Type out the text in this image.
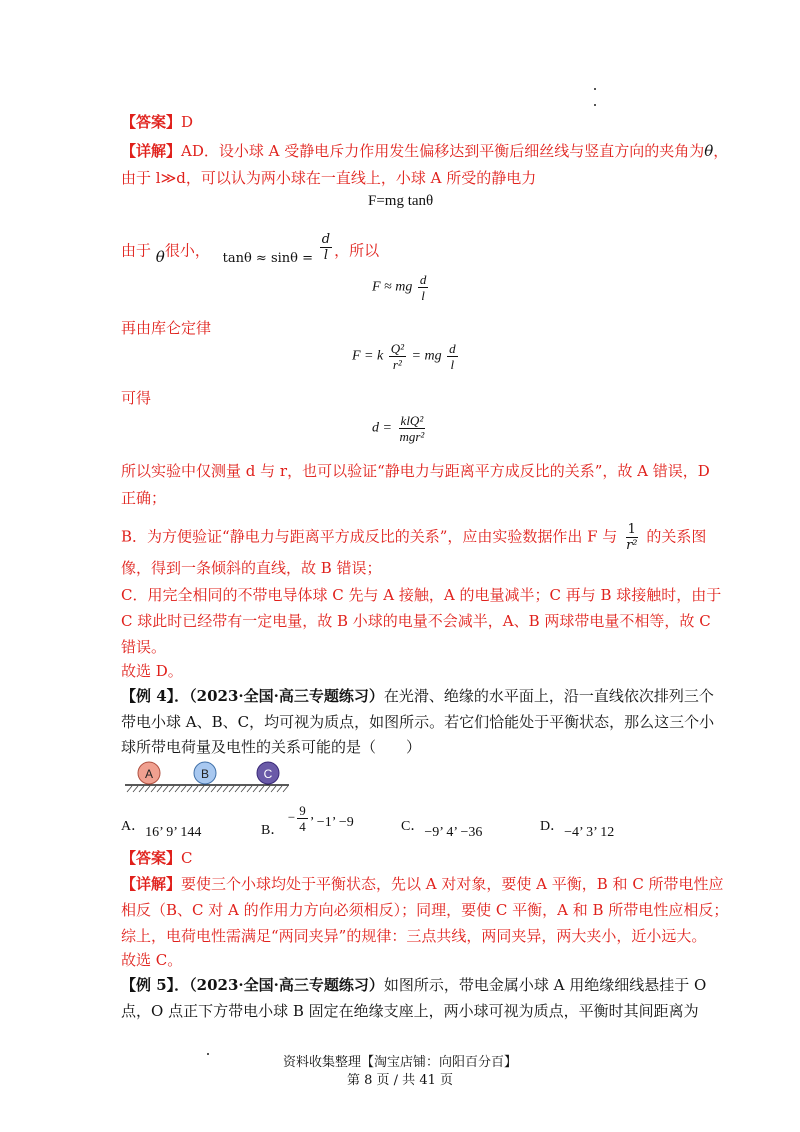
【答案】D
【详解】AD．设小球 A 受静电斥力作用发生偏移达到平衡后细丝线与竖直方向的夹角为θ，
由于 l≫d，可以认为两小球在一直线上，小球 A 所受的静电力
F=mg tanθ
由于 θ很小， $\tan\theta \approx \sin\theta = \frac{d}{l}$ ，所以
F ≈ mg $\frac{d}{l}$
再由库仑定律
F = k $\frac{\text{Q²}}{\text{r²}}$ = mg $\frac{d}{l}$
可得
$d = \frac{\text{klQ²}}{\text{mgr²}}$
所以实验中仅测量 d 与 r，也可以验证“静电力与距离平方成反比的关系”，故 A 错误，D
正确；
B．为方便验证“静电力与距离平方成反比的关系”，应由实验数据作出 F 与 $\frac{1}{\text{r²}}$ 的关系图
像，得到一条倾斜的直线，故 B 错误；
C．用完全相同的不带电导体球 C 先与 A 接触，A 的电量减半；C 再与 B 球接触时，由于
C 球此时已经带有一定电量，故 B 小球的电量不会减半，A、B 两球带电量不相等，故 C
错误。
故选 D。
【例 4】．（2023·全国·高三专题练习）在光滑、绝缘的水平面上，沿一直线依次排列三个
带电小球 A、B、C，均可视为质点，如图所示。若它们恰能处于平衡状态，那么这三个小
球所带电荷量及电性的关系可能的是（　　）
A	B	C
A．16’ 9’ 144	B． − $\frac{9}{4}$ ’ −1’ −9	C．−9’ 4’ −36	D．−4’ 3’ 12
【答案】C
【详解】要使三个小球均处于平衡状态，先以 A 对对象，要使 A 平衡，B 和 C 所带电性应
相反（B、C 对 A 的作用力方向必须相反）；同理，要使 C 平衡，A 和 B 所带电性应相反；
综上，电荷电性需满足“两同夹异”的规律：三点共线，两同夹异，两大夹小，近小远大。
故选 C。
【例 5】．（2023·全国·高三专题练习）如图所示，带电金属小球 A 用绝缘细线悬挂于 O
点，O 点正下方带电小球 B 固定在绝缘支座上，两小球可视为质点，平衡时其间距离为
资料收集整理【淘宝店铺：向阳百分百】
第 8 页 / 共 41 页
